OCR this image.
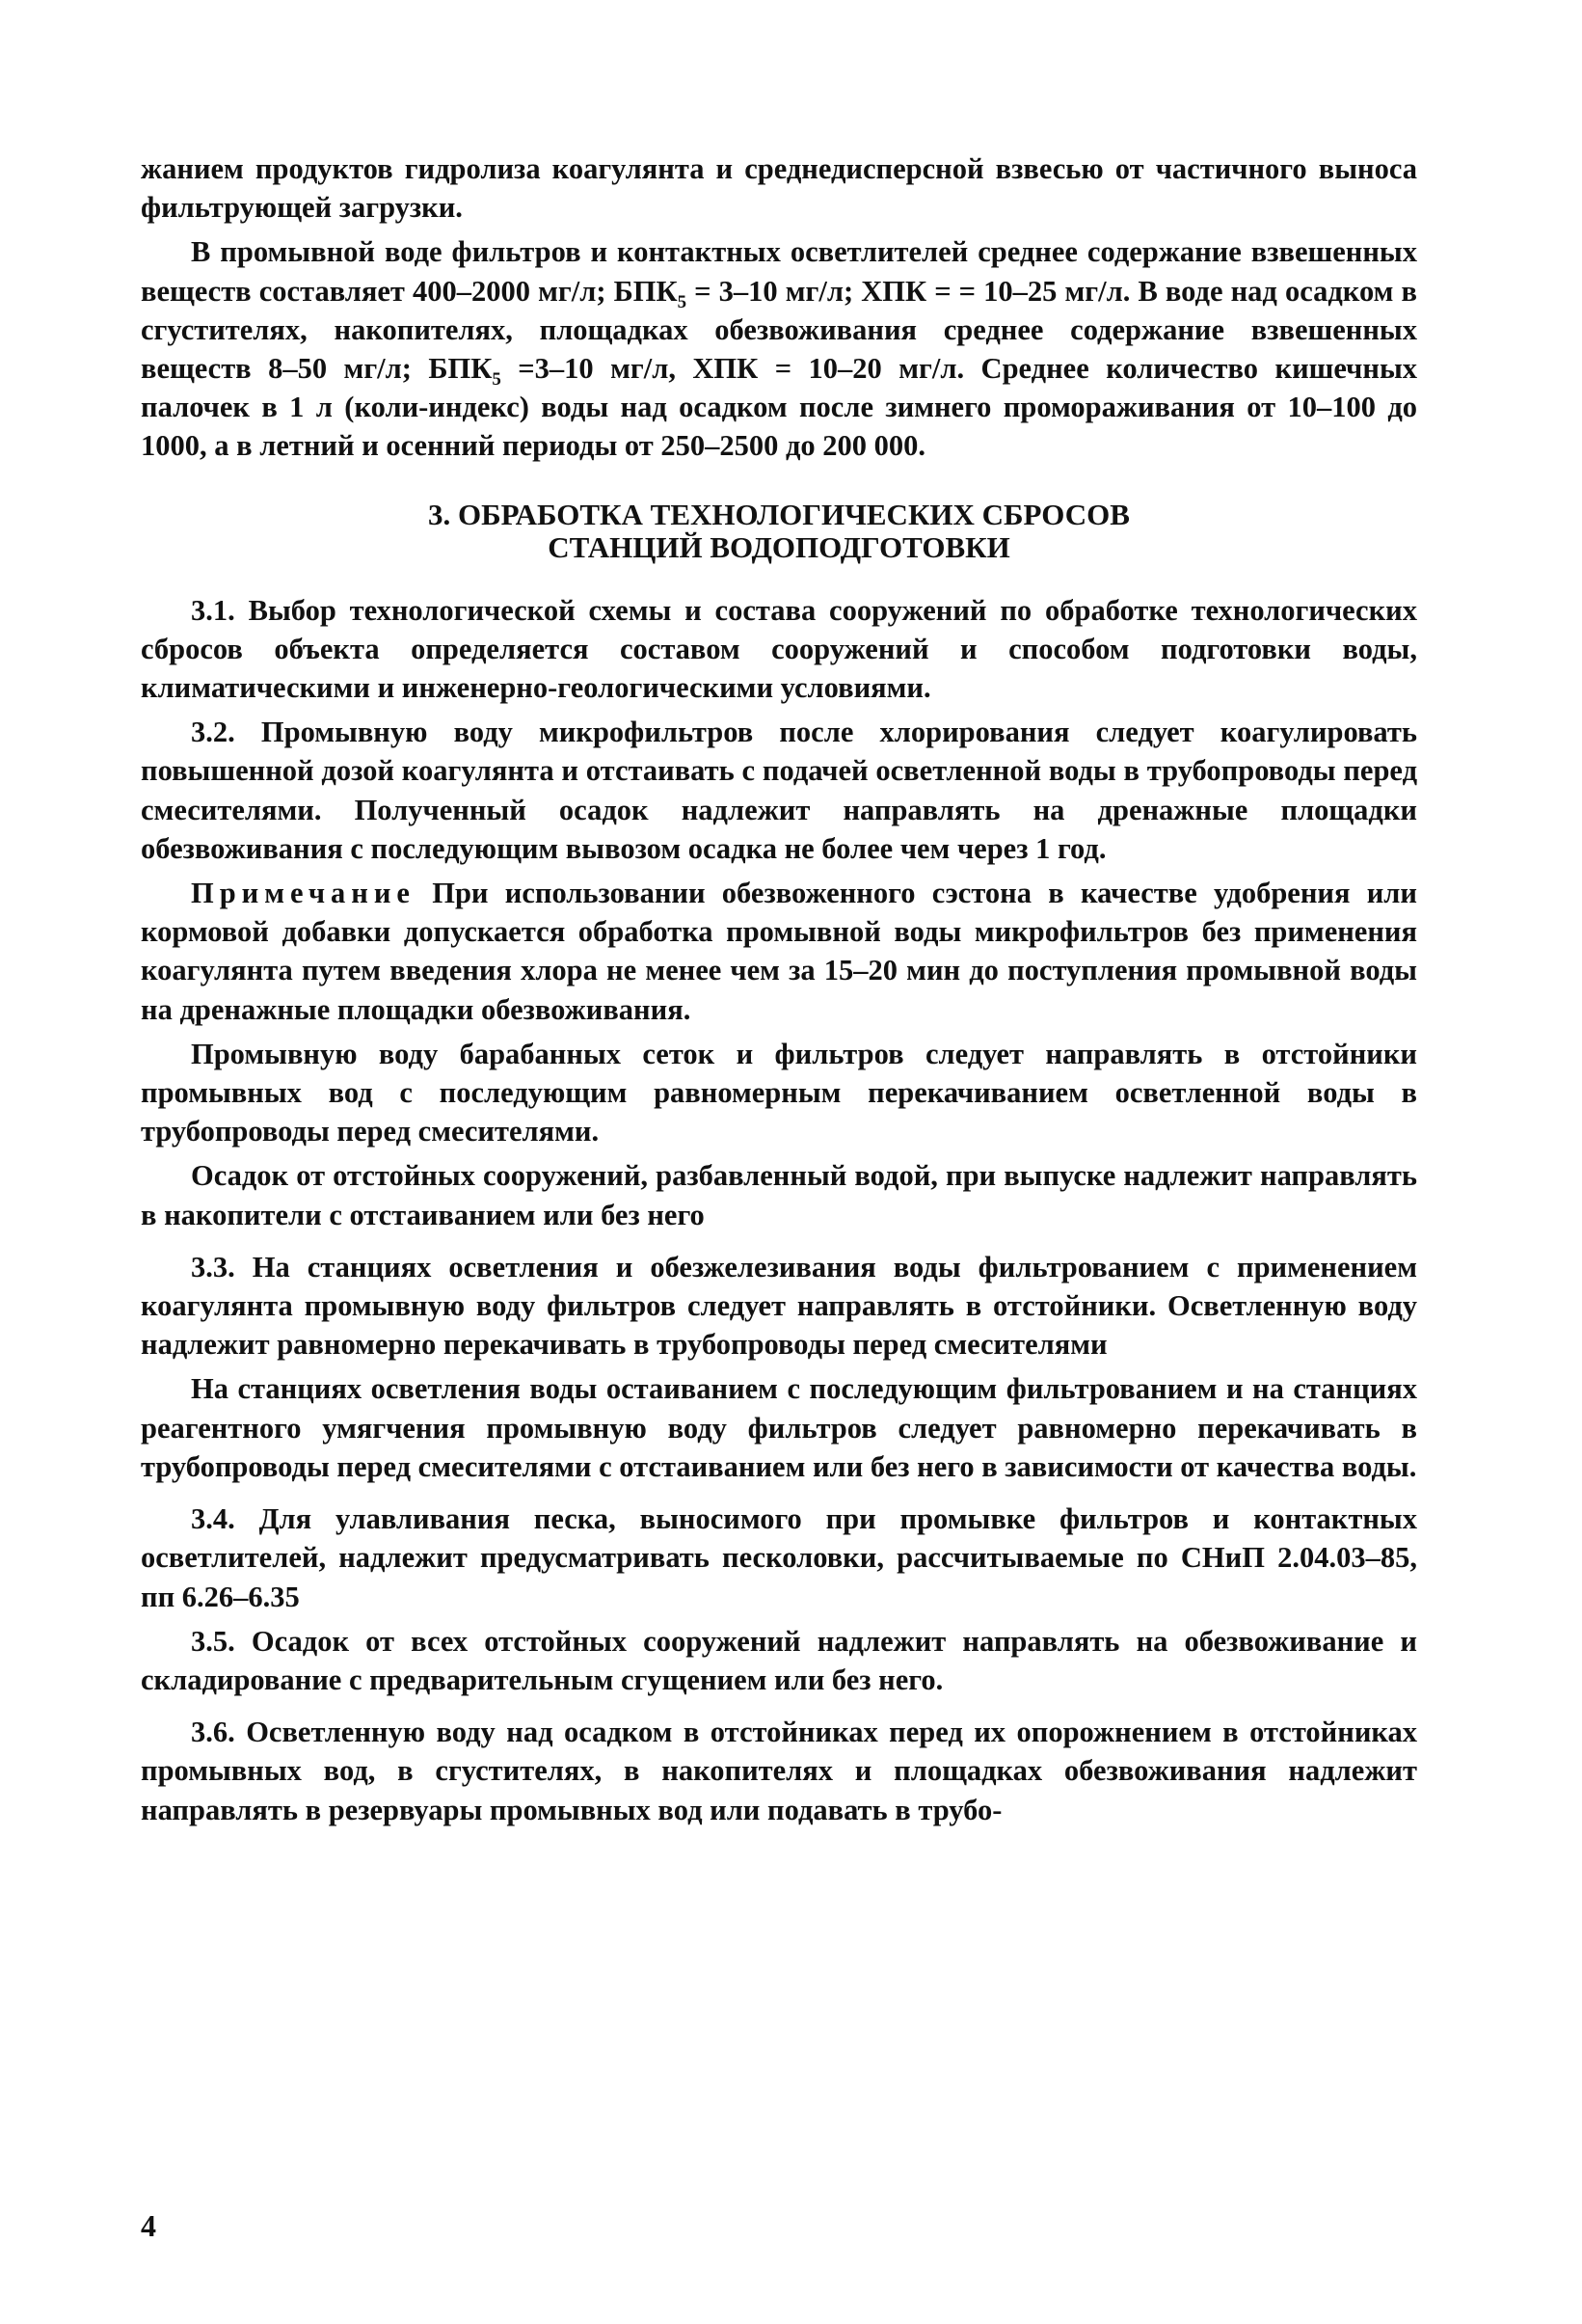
жанием продуктов гидролиза коагулянта и среднедисперсной взвесью от частичного выноса фильтрующей загрузки.

В промывной воде фильтров и контактных осветлителей среднее содержание взвешенных веществ составляет 400–2000 мг/л; $БПК_5 = 3-10$ мг/л; ХПК = = 10–25 мг/л. В воде над осадком в сгустителях, накопителях, площадках обезвоживания среднее содержание взвешенных веществ 8–50 мг/л; $БПК_5 =3-10$ мг/л, ХПК = 10–20 мг/л. Среднее количество кишечных палочек в 1 л (коли-индекс) воды над осадком после зимнего промораживания от 10–100 до 1000, а в летний и осенний периоды от 250–2500 до 200 000.

3. ОБРАБОТКА ТЕХНОЛОГИЧЕСКИХ СБРОСОВ
СТАНЦИЙ ВОДОПОДГОТОВКИ

3.1. Выбор технологической схемы и состава сооружений по обработке технологических сбросов объекта определяется составом сооружений и способом подготовки воды, климатическими и инженерно-геологическими условиями.

3.2. Промывную воду микрофильтров после хлорирования следует коагулировать повышенной дозой коагулянта и отстаивать с подачей осветленной воды в трубопроводы перед смесителями. Полученный осадок надлежит направлять на дренажные площадки обезвоживания с последующим вывозом осадка не более чем через 1 год.

Примечание При использовании обезвоженного сэстона в качестве удобрения или кормовой добавки допускается обработка промывной воды микрофильтров без применения коагулянта путем введения хлора не менее чем за 15–20 мин до поступления промывной воды на дренажные площадки обезвоживания.

Промывную воду барабанных сеток и фильтров следует направлять в отстойники промывных вод с последующим равномерным перекачиванием осветленной воды в трубопроводы перед смесителями.

Осадок от отстойных сооружений, разбавленный водой, при выпуске надлежит направлять в накопители с отстаиванием или без него

3.3. На станциях осветления и обезжелезивания воды фильтрованием с применением коагулянта промывную воду фильтров следует направлять в отстойники. Осветленную воду надлежит равномерно перекачивать в трубопроводы перед смесителями

На станциях осветления воды остаиванием с последующим фильтрованием и на станциях реагентного умягчения промывную воду фильтров следует равномерно перекачивать в трубопроводы перед смесителями с отстаиванием или без него в зависимости от качества воды.

3.4. Для улавливания песка, выносимого при промывке фильтров и контактных осветлителей, надлежит предусматривать песколовки, рассчитываемые по СНиП 2.04.03–85, пп 6.26–6.35

3.5. Осадок от всех отстойных сооружений надлежит направлять на обезвоживание и складирование с предварительным сгущением или без него.

3.6. Осветленную воду над осадком в отстойниках перед их опорожнением в отстойниках промывных вод, в сгустителях, в накопителях и площадках обезвоживания надлежит направлять в резервуары промывных вод или подавать в трубо-

4
